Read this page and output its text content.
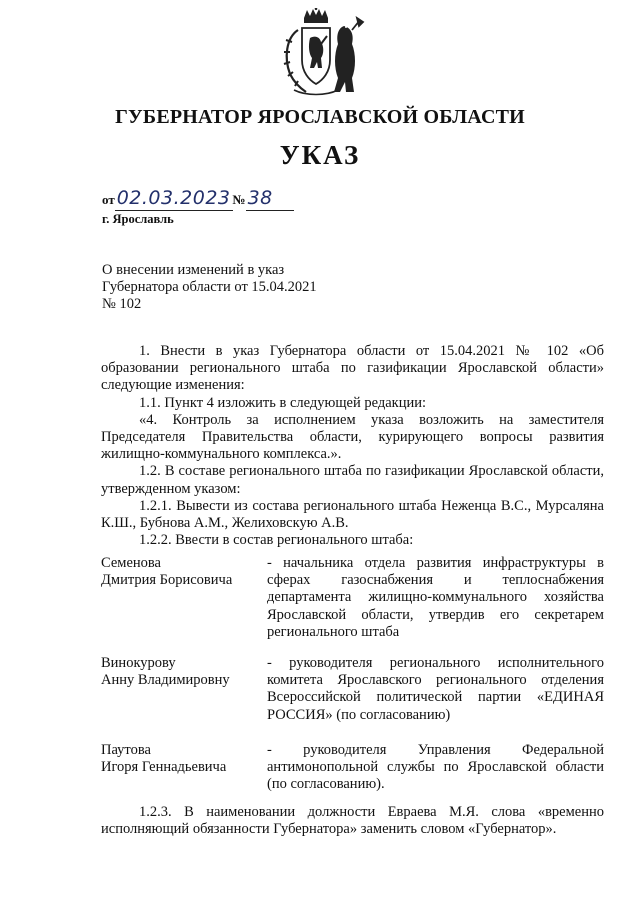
ГУБЕРНАТОР ЯРОСЛАВСКОЙ ОБЛАСТИ
УКАЗ
от 02.03.2023 № 38
г. Ярославль
О внесении изменений в указ
Губернатора области от 15.04.2021
№ 102

1. Внести в указ Губернатора области от 15.04.2021 № 102 «Об образовании регионального штаба по газификации Ярославской области» следующие изменения:

1.1. Пункт 4 изложить в следующей редакции:

«4. Контроль за исполнением указа возложить на заместителя Председателя Правительства области, курирующего вопросы развития жилищно-коммунального комплекса.».

1.2. В составе регионального штаба по газификации Ярославской области, утвержденном указом:

1.2.1. Вывести из состава регионального штаба Неженца В.С., Мурсаляна К.Ш., Бубнова А.М., Желиховскую А.В.

1.2.2. Ввести в состав регионального штаба:

Семенова
Дмитрия Борисовича
- начальника отдела развития инфраструктуры в сферах газоснабжения и теплоснабжения департамента жилищно-коммунального хозяйства Ярославской области, утвердив его секретарем регионального штаба
Винокурову
Анну Владимировну
- руководителя регионального исполнительного комитета Ярославского регионального отделения Всероссийской политической партии «ЕДИНАЯ РОССИЯ» (по согласованию)
Паутова
Игоря Геннадьевича
- руководителя Управления Федеральной антимонопольной службы по Ярославской области (по согласованию).

1.2.3. В наименовании должности Евраева М.Я. слова «временно исполняющий обязанности Губернатора» заменить словом «Губернатор».
